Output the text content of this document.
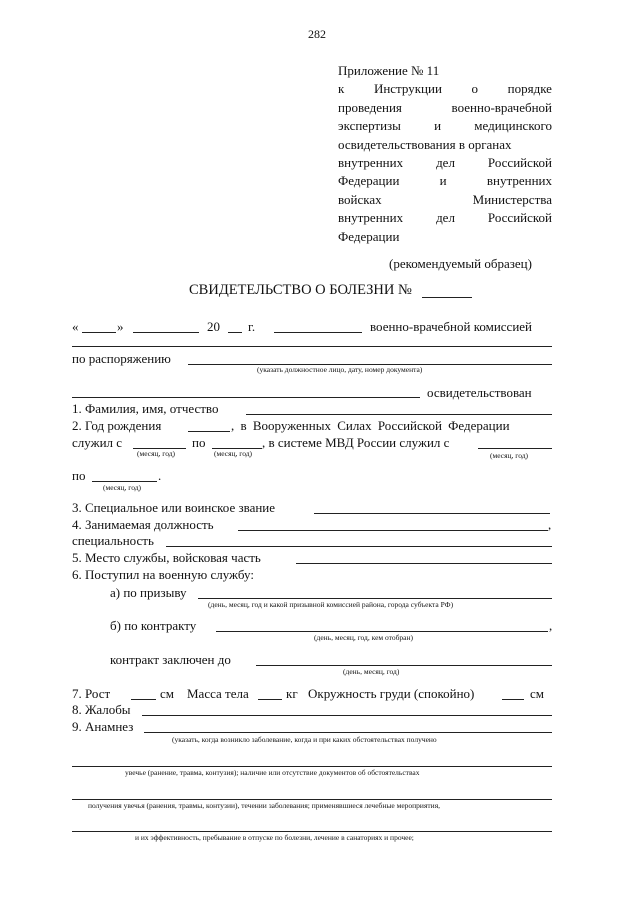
282
Приложение № 11
к Инструкции о порядке
проведения	военно-врачебной
экспертизы	и	медицинского
освидетельствования в органах
внутренних	дел	Российской
Федерации	и	внутренних
войсках	Министерства
внутренних	дел	Российской
Федерации
(рекомендуемый образец)
СВИДЕТЕЛЬСТВО О БОЛЕЗНИ №
«	»	20 г.	военно-врачебной комиссией
по распоряжению
(указать должностное лицо, дату, номер документа)
освидетельствован
1. Фамилия, имя, отчество
2. Год рождения	, в Вооруженных Силах Российской Федерации
служил с
(месяц, год)
по
(месяц, год)
, в системе МВД России служил с
(месяц, год)
по	.
(месяц, год)
3. Специальное или воинское звание
4. Занимаемая должность	,
специальность
5. Место службы, войсковая часть
6. Поступил на военную службу:
а) по призыву
(день, месяц, год и какой призывной комиссией района, города субъекта РФ)
б) по контракту	,
(день, месяц, год, кем отобран)
контракт заключен до
(день, месяц, год)
7. Рост	см Масса тела	кг Окружность груди (спокойно)	см
8. Жалобы
9. Анамнез
(указать, когда возникло заболевание, когда и при каких обстоятельствах получено
увечье (ранение, травма, контузия); наличие или отсутствие документов об обстоятельствах
получения увечья (ранения, травмы, контузии), течении заболевания; применявшиеся лечебные мероприятия,
и их эффективность, пребывание в отпуске по болезни, лечение в санаториях и прочее;
